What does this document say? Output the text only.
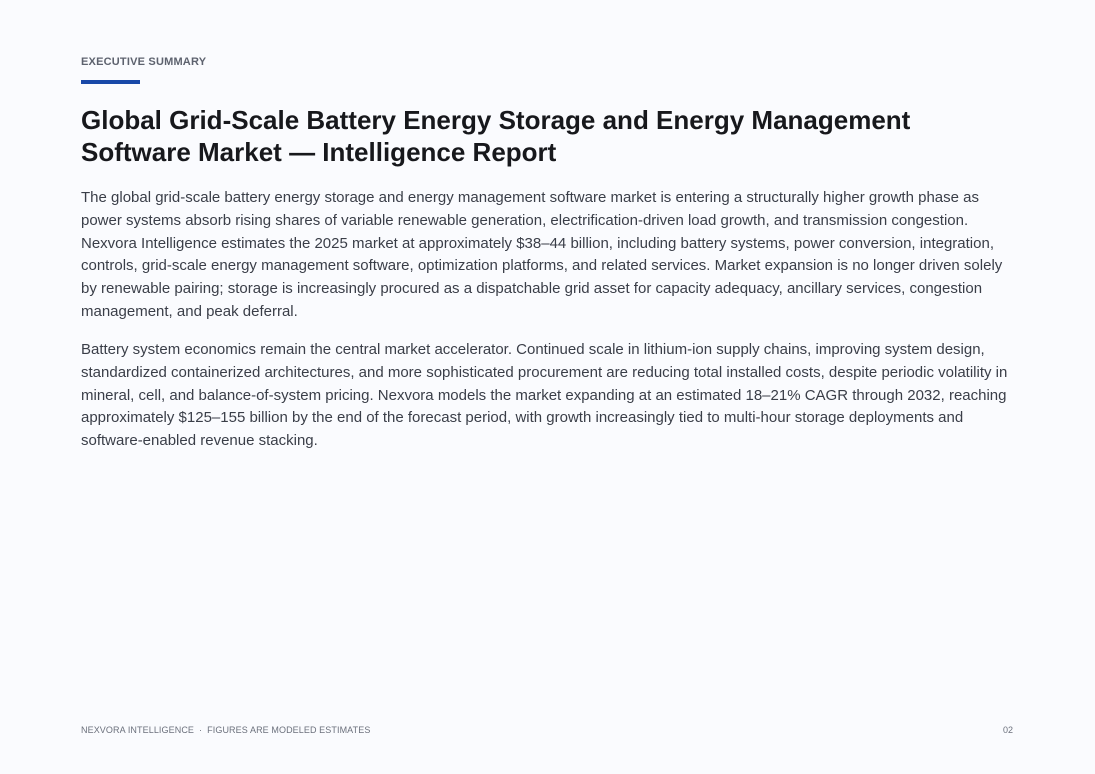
EXECUTIVE SUMMARY
Global Grid-Scale Battery Energy Storage and Energy Management Software Market — Intelligence Report

The global grid-scale battery energy storage and energy management software market is entering a structurally higher growth phase as power systems absorb rising shares of variable renewable generation, electrification-driven load growth, and transmission congestion. Nexvora Intelligence estimates the 2025 market at approximately $38–44 billion, including battery systems, power conversion, integration, controls, grid-scale energy management software, optimization platforms, and related services. Market expansion is no longer driven solely by renewable pairing; storage is increasingly procured as a dispatchable grid asset for capacity adequacy, ancillary services, congestion management, and peak deferral.

Battery system economics remain the central market accelerator. Continued scale in lithium-ion supply chains, improving system design, standardized containerized architectures, and more sophisticated procurement are reducing total installed costs, despite periodic volatility in mineral, cell, and balance-of-system pricing. Nexvora models the market expanding at an estimated 18–21% CAGR through 2032, reaching approximately $125–155 billion by the end of the forecast period, with growth increasingly tied to multi-hour storage deployments and software-enabled revenue stacking.

NEXVORA INTELLIGENCE · FIGURES ARE MODELED ESTIMATES	02
